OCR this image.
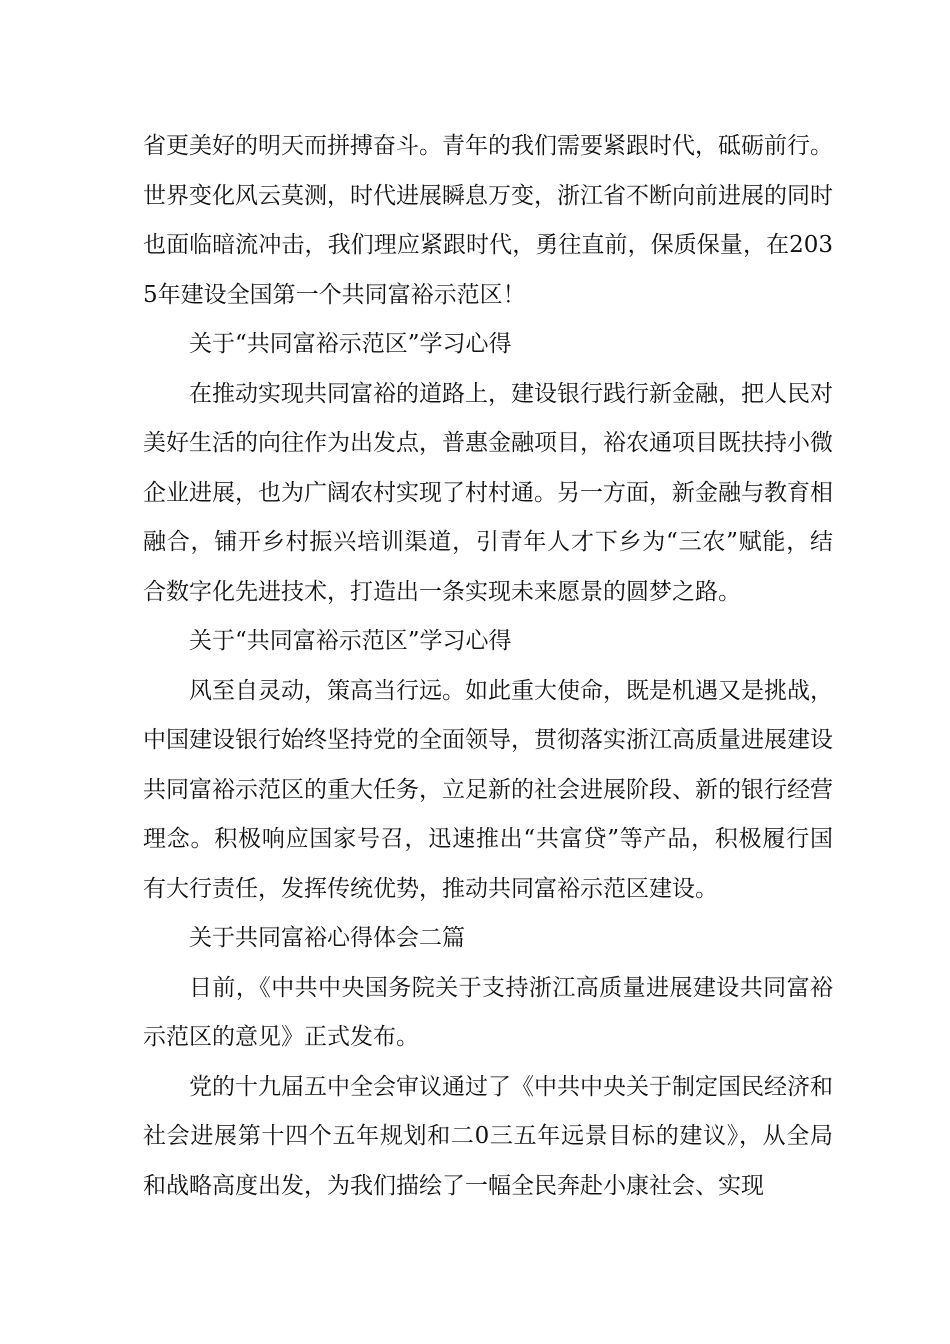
省更美好的明天而拼搏奋斗。青年的我们需要紧跟时代，砥砺前行。世界变化风云莫测，时代进展瞬息万变，浙江省不断向前进展的同时也面临暗流冲击，我们理应紧跟时代，勇往直前，保质保量，在2035年建设全国第一个共同富裕示范区！

关于“共同富裕示范区”学习心得

在推动实现共同富裕的道路上，建设银行践行新金融，把人民对美好生活的向往作为出发点，普惠金融项目，裕农通项目既扶持小微企业进展，也为广阔农村实现了村村通。另一方面，新金融与教育相融合，铺开乡村振兴培训渠道，引青年人才下乡为“三农”赋能，结合数字化先进技术，打造出一条实现未来愿景的圆梦之路。

关于“共同富裕示范区”学习心得

风至自灵动，策高当行远。如此重大使命，既是机遇又是挑战，中国建设银行始终坚持党的全面领导，贯彻落实浙江高质量进展建设共同富裕示范区的重大任务，立足新的社会进展阶段、新的银行经营理念。积极响应国家号召，迅速推出“共富贷”等产品，积极履行国有大行责任，发挥传统优势，推动共同富裕示范区建设。

关于共同富裕心得体会二篇

日前，《中共中央国务院关于支持浙江高质量进展建设共同富裕示范区的意见》正式发布。

党的十九届五中全会审议通过了《中共中央关于制定国民经济和社会进展第十四个五年规划和二0三五年远景目标的建议》，从全局和战略高度出发，为我们描绘了一幅全民奔赴小康社会、实现
